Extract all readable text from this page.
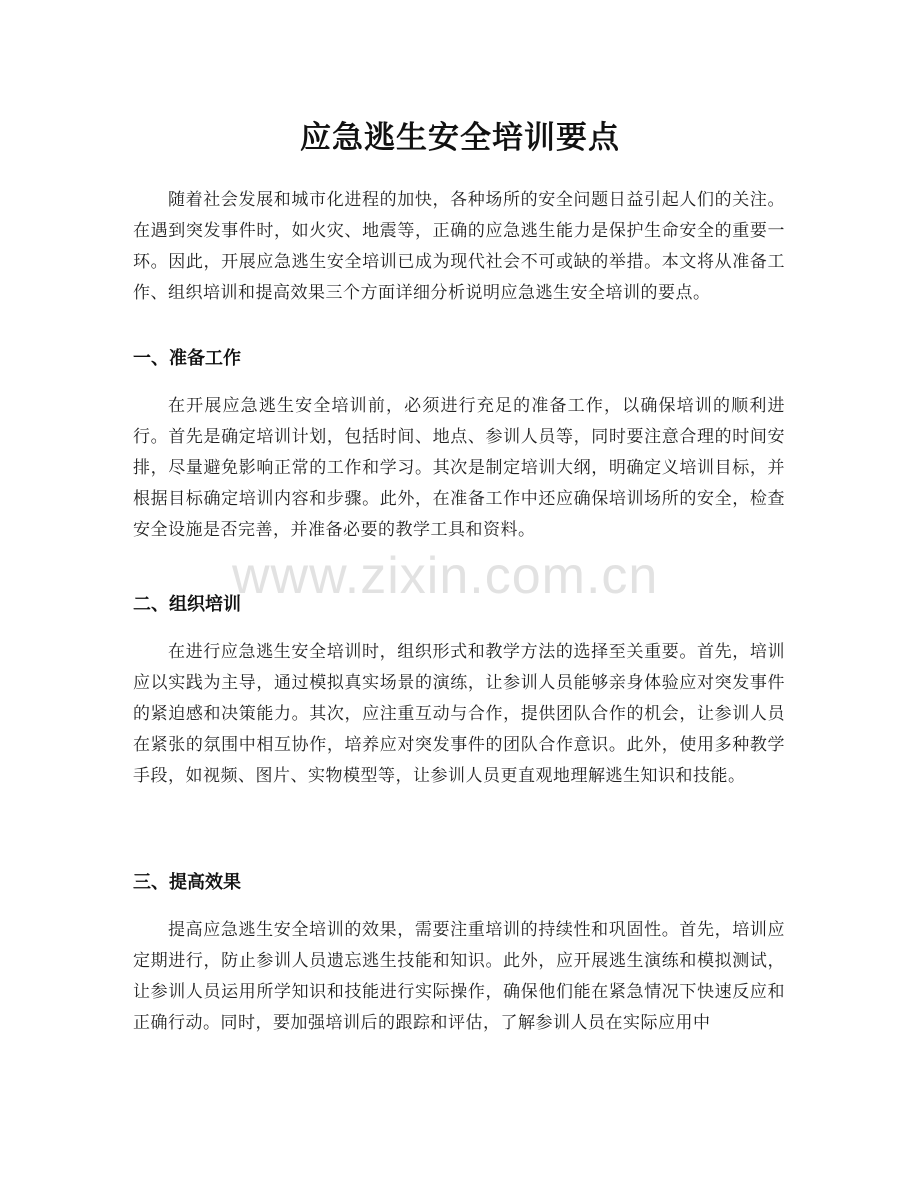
应急逃生安全培训要点

随着社会发展和城市化进程的加快，各种场所的安全问题日益引起人们的关注。在遇到突发事件时，如火灾、地震等，正确的应急逃生能力是保护生命安全的重要一环。因此，开展应急逃生安全培训已成为现代社会不可或缺的举措。本文将从准备工作、组织培训和提高效果三个方面详细分析说明应急逃生安全培训的要点。

一、准备工作

在开展应急逃生安全培训前，必须进行充足的准备工作，以确保培训的顺利进行。首先是确定培训计划，包括时间、地点、参训人员等，同时要注意合理的时间安排，尽量避免影响正常的工作和学习。其次是制定培训大纲，明确定义培训目标，并根据目标确定培训内容和步骤。此外，在准备工作中还应确保培训场所的安全，检查安全设施是否完善，并准备必要的教学工具和资料。

二、组织培训

在进行应急逃生安全培训时，组织形式和教学方法的选择至关重要。首先，培训应以实践为主导，通过模拟真实场景的演练，让参训人员能够亲身体验应对突发事件的紧迫感和决策能力。其次，应注重互动与合作，提供团队合作的机会，让参训人员在紧张的氛围中相互协作，培养应对突发事件的团队合作意识。此外，使用多种教学手段，如视频、图片、实物模型等，让参训人员更直观地理解逃生知识和技能。

三、提高效果

提高应急逃生安全培训的效果，需要注重培训的持续性和巩固性。首先，培训应定期进行，防止参训人员遗忘逃生技能和知识。此外，应开展逃生演练和模拟测试，让参训人员运用所学知识和技能进行实际操作，确保他们能在紧急情况下快速反应和正确行动。同时，要加强培训后的跟踪和评估，了解参训人员在实际应用中

www.zixin.com.cn
